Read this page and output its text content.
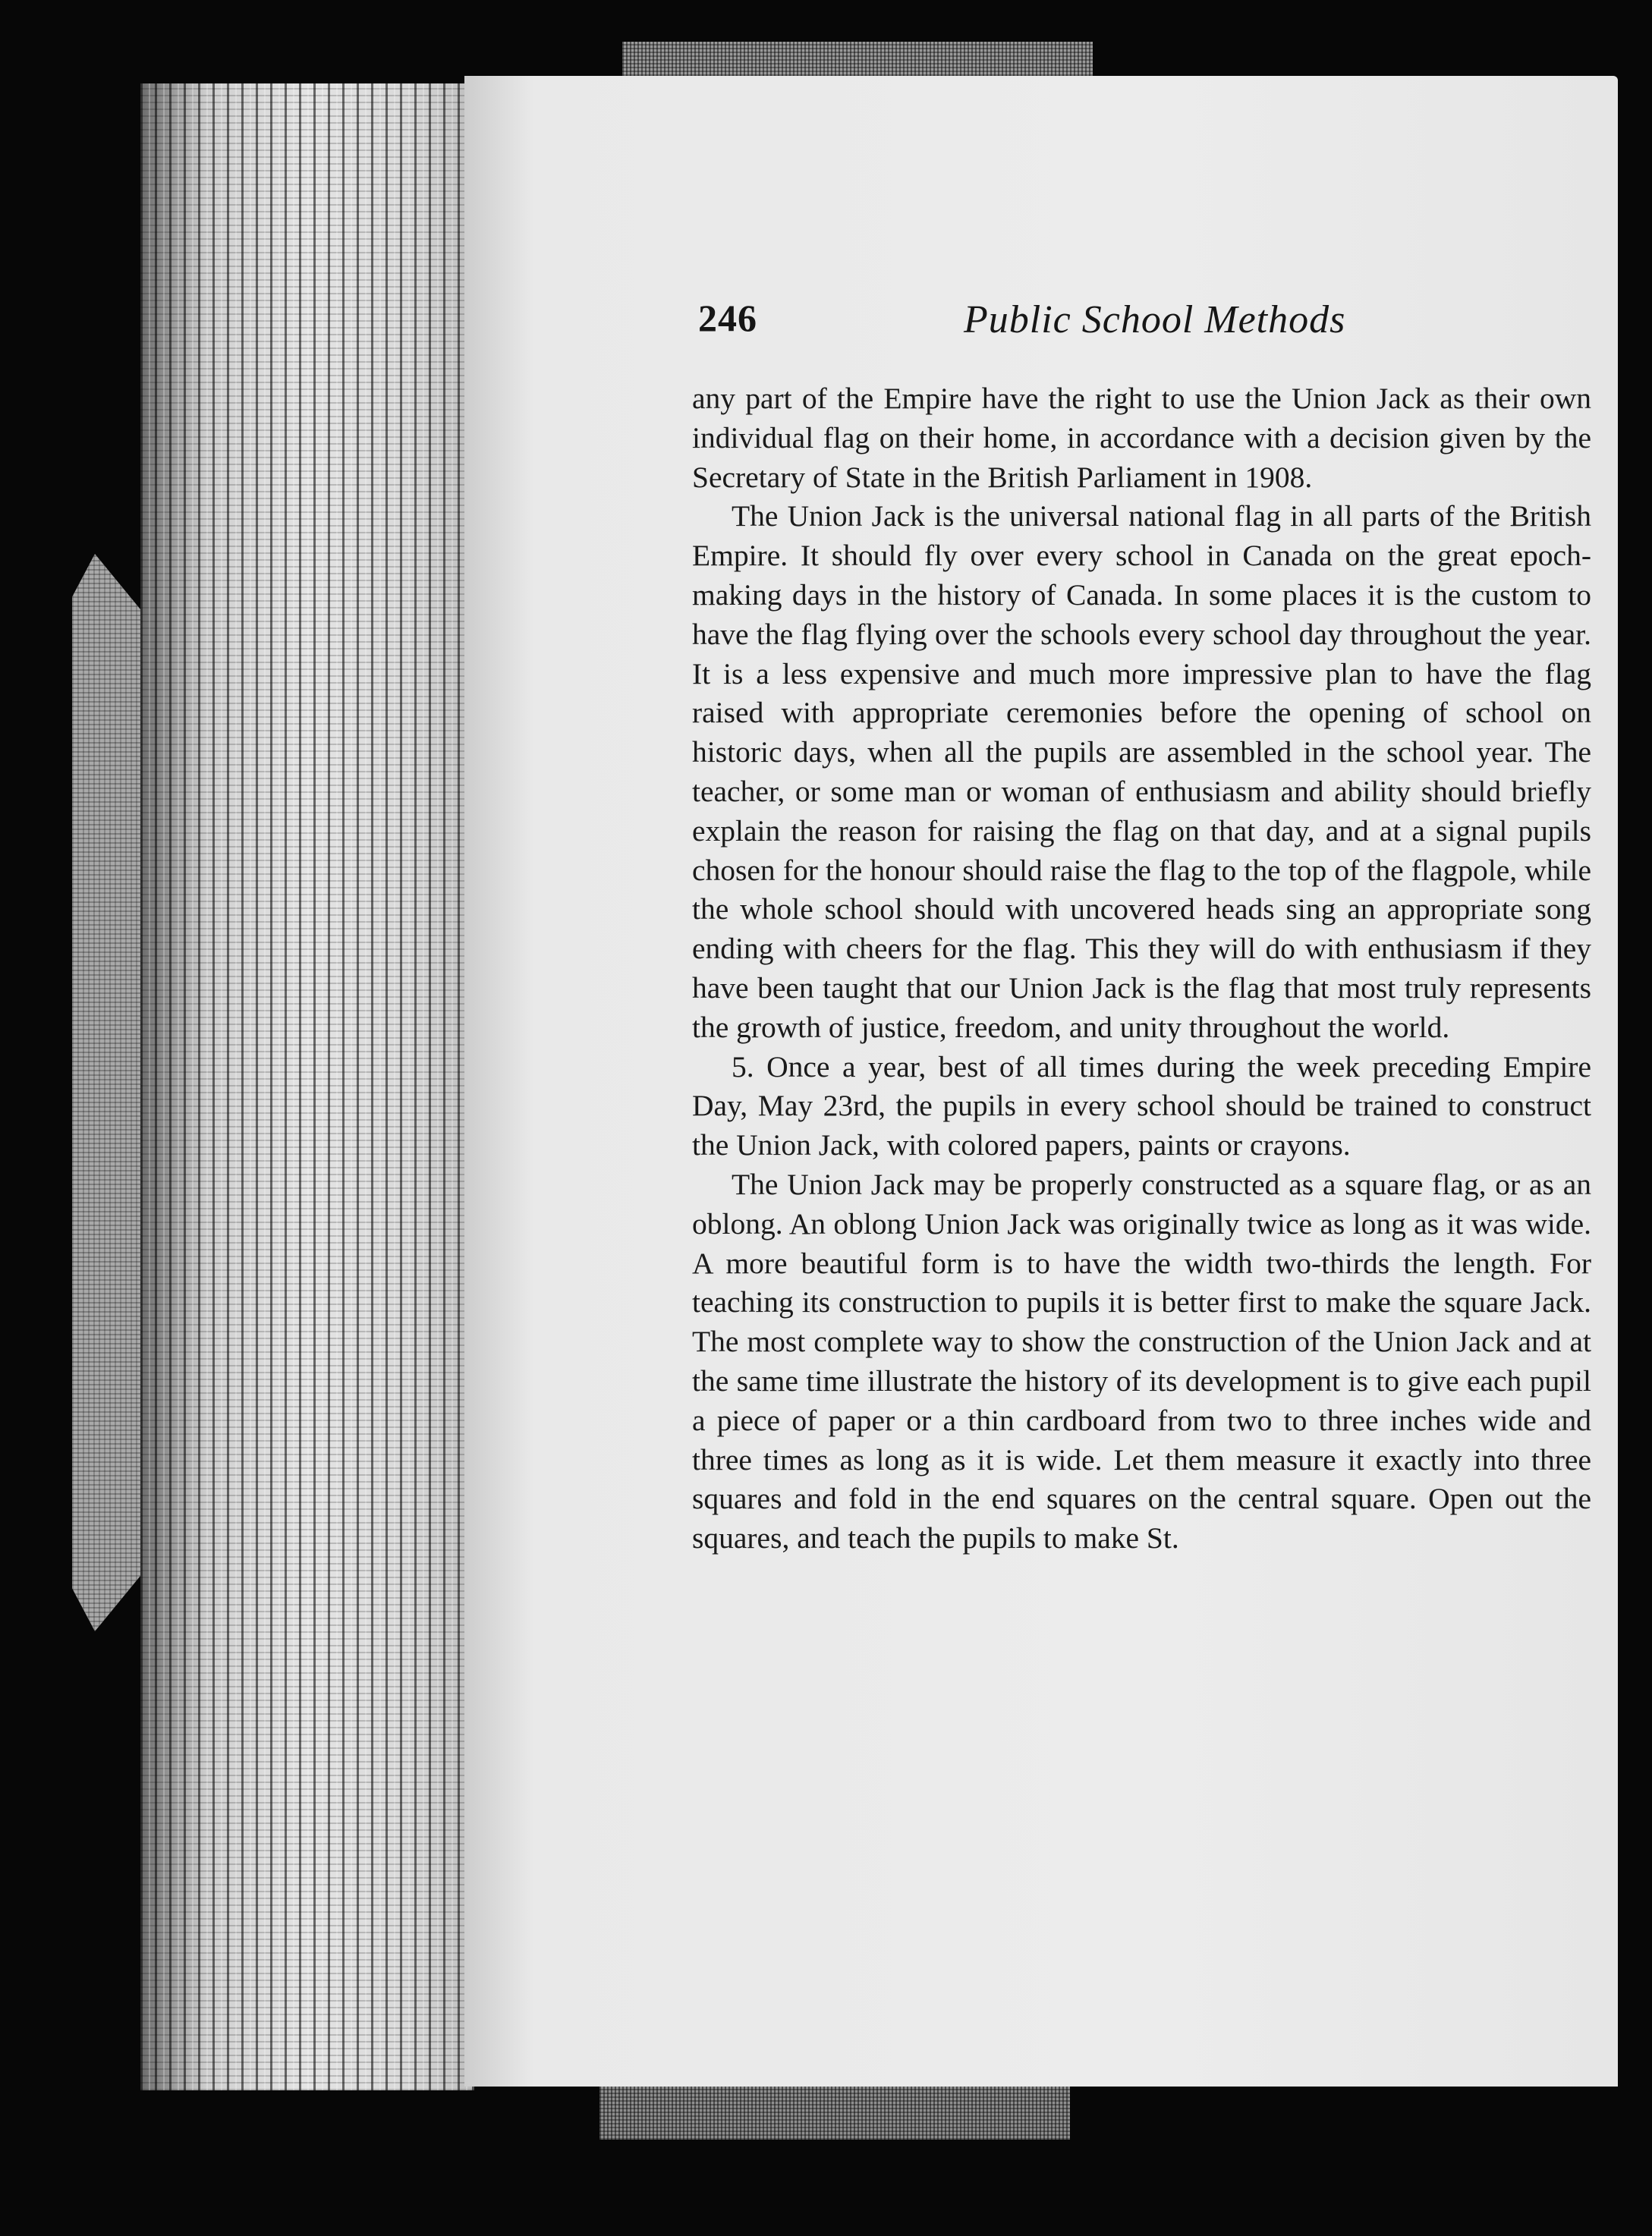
246	Public School Methods

any part of the Empire have the right to use the Union Jack as their own individual flag on their home, in accordance with a decision given by the Secretary of State in the British Parliament in 1908.

The Union Jack is the universal national flag in all parts of the British Empire. It should fly over every school in Canada on the great epoch-making days in the history of Canada. In some places it is the custom to have the flag flying over the schools every school day throughout the year. It is a less expensive and much more impressive plan to have the flag raised with appropriate ceremonies before the opening of school on historic days, when all the pupils are assembled in the school year. The teacher, or some man or woman of enthusiasm and ability should briefly explain the reason for raising the flag on that day, and at a signal pupils chosen for the honour should raise the flag to the top of the flagpole, while the whole school should with uncovered heads sing an appropriate song ending with cheers for the flag. This they will do with enthusiasm if they have been taught that our Union Jack is the flag that most truly represents the growth of justice, freedom, and unity throughout the world.

5. Once a year, best of all times during the week preceding Empire Day, May 23rd, the pupils in every school should be trained to construct the Union Jack, with colored papers, paints or crayons.

The Union Jack may be properly constructed as a square flag, or as an oblong. An oblong Union Jack was originally twice as long as it was wide. A more beautiful form is to have the width two-thirds the length. For teaching its construction to pupils it is better first to make the square Jack. The most complete way to show the construction of the Union Jack and at the same time illustrate the history of its development is to give each pupil a piece of paper or a thin cardboard from two to three inches wide and three times as long as it is wide. Let them measure it exactly into three squares and fold in the end squares on the central square. Open out the squares, and teach the pupils to make St.
